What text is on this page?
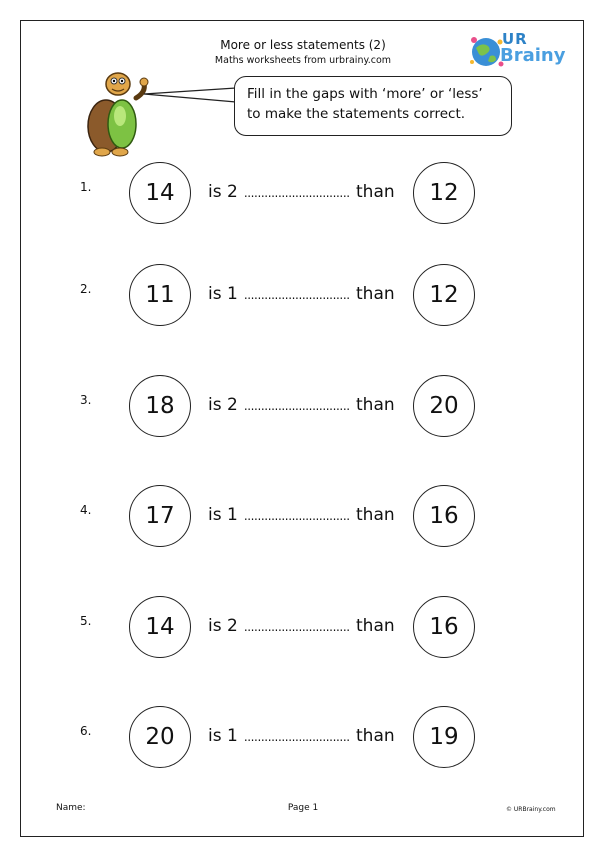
More or less statements (2)
Maths worksheets from urbrainy.com
UR
Brainy
Fill in the gaps with ‘more’ or ‘less’ to make the statements correct.
1. 14 is 2 ............................... than 12
2. 11 is 1 ............................... than 12
3. 18 is 2 ............................... than 20
4. 17 is 1 ............................... than 16
5. 14 is 2 ............................... than 16
6. 20 is 1 ............................... than 19
Name:	Page 1	© URBrainy.com
